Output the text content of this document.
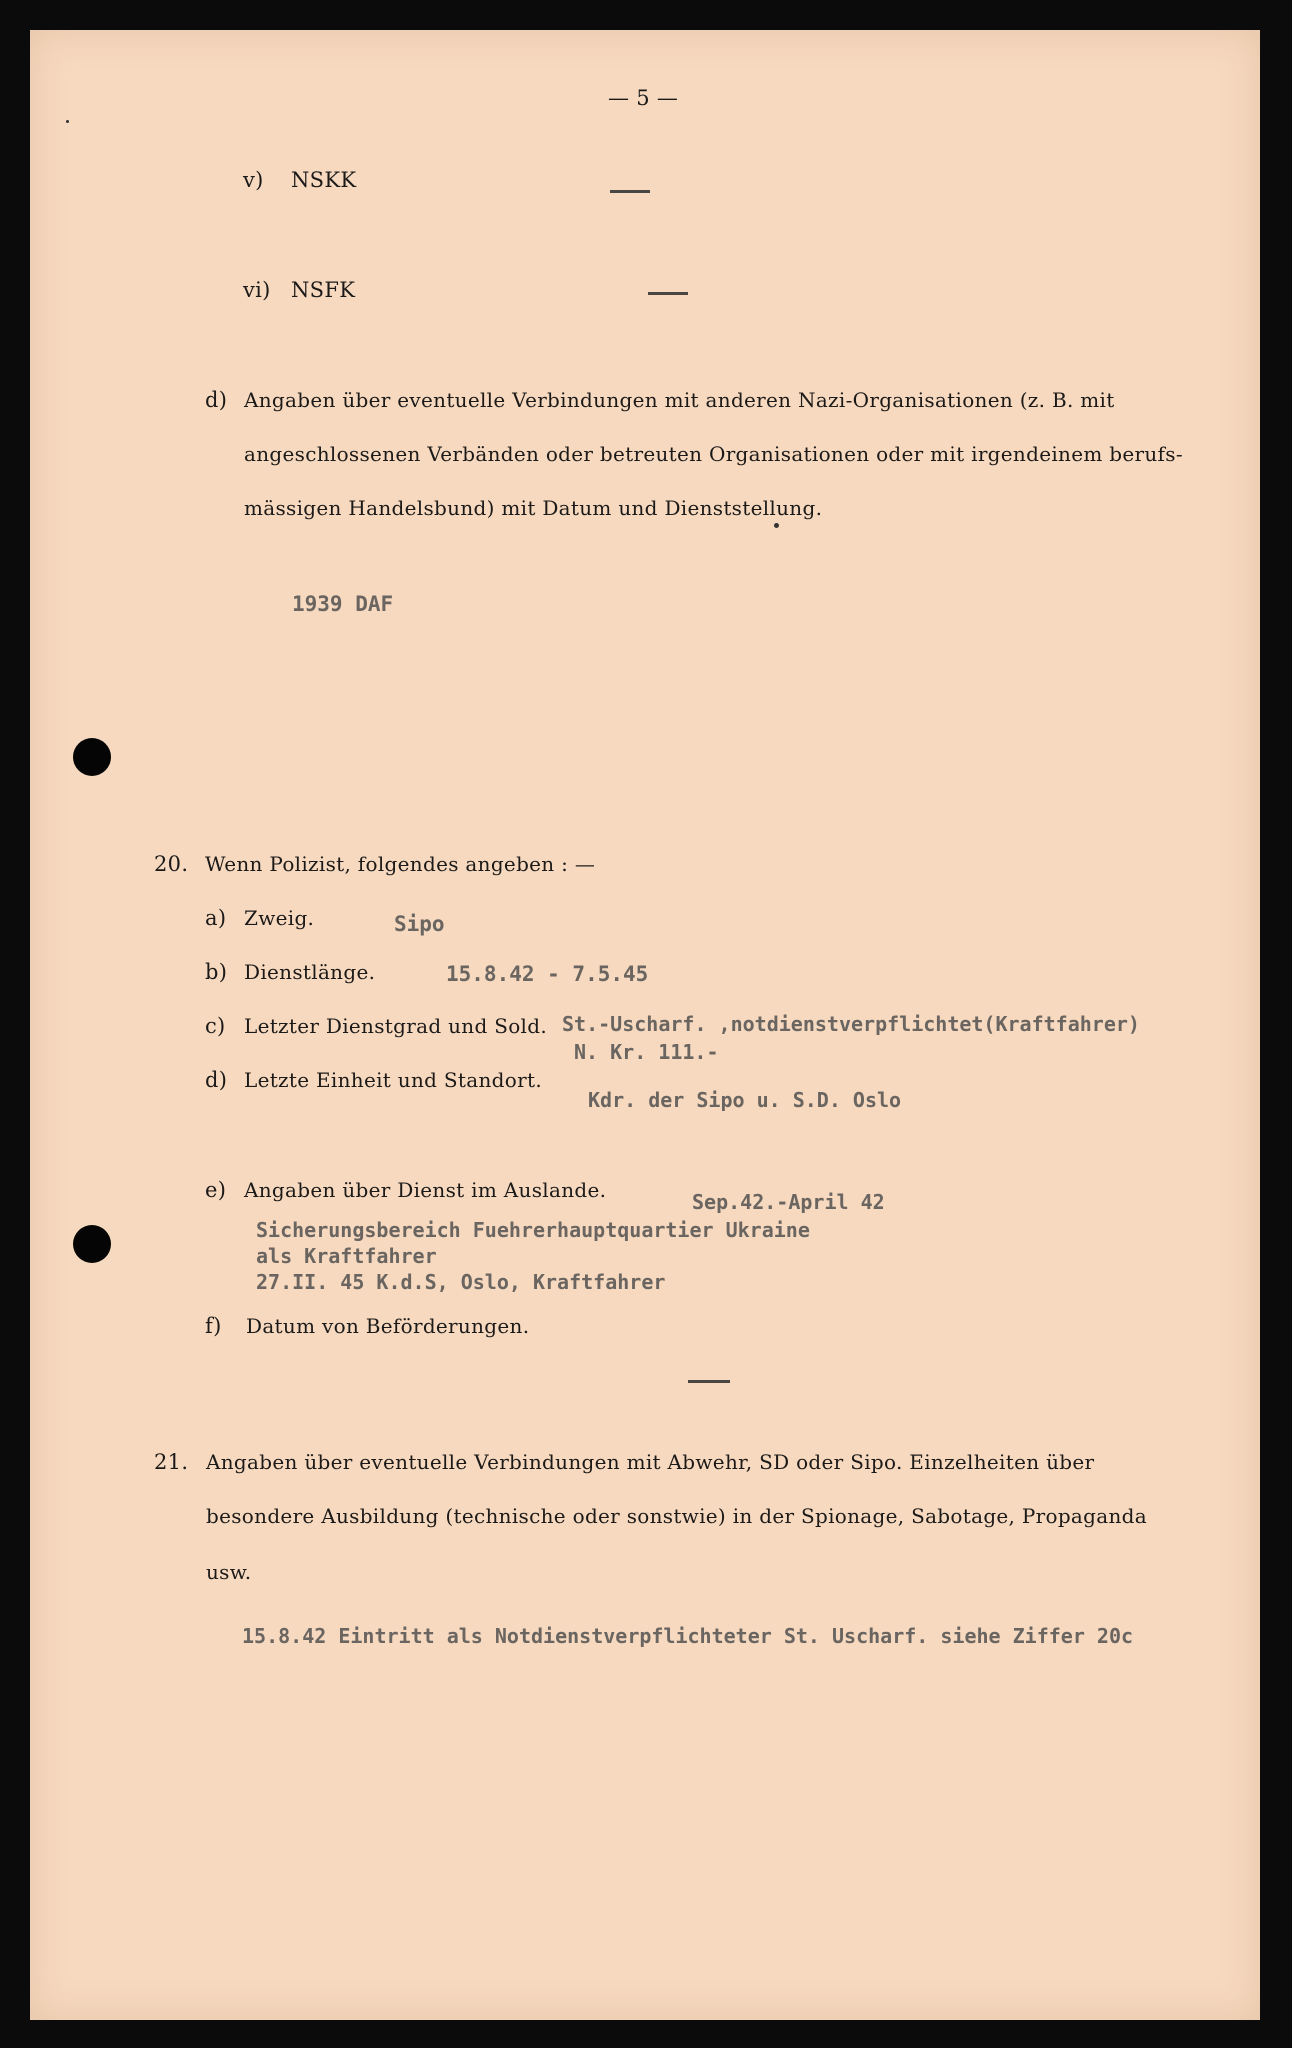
— 5 —
v) NSKK
vi) NSFK
d) Angaben über eventuelle Verbindungen mit anderen Nazi-Organisationen (z. B. mit
angeschlossenen Verbänden oder betreuten Organisationen oder mit irgendeinem berufs-
mässigen Handelsbund) mit Datum und Dienststellung.
1939 DAF
20. Wenn Polizist, folgendes angeben : —
a) Zweig.	Sipo
b) Dienstlänge.	15.8.42 - 7.5.45
c) Letzter Dienstgrad und Sold. St.-Uscharf. ,notdienstverpflichtet(Kraftfahrer)
N. Kr. 111.-
d) Letzte Einheit und Standort.
Kdr. der Sipo u. S.D. Oslo
e) Angaben über Dienst im Auslande.	Sep.42.-April 42
Sicherungsbereich Fuehrerhauptquartier Ukraine
als Kraftfahrer
27.II. 45 K.d.S, Oslo, Kraftfahrer
f) Datum von Beförderungen.
21. Angaben über eventuelle Verbindungen mit Abwehr, SD oder Sipo. Einzelheiten über
besondere Ausbildung (technische oder sonstwie) in der Spionage, Sabotage, Propaganda
usw.
15.8.42 Eintritt als Notdienstverpflichteter St. Uscharf. siehe Ziffer 20c
